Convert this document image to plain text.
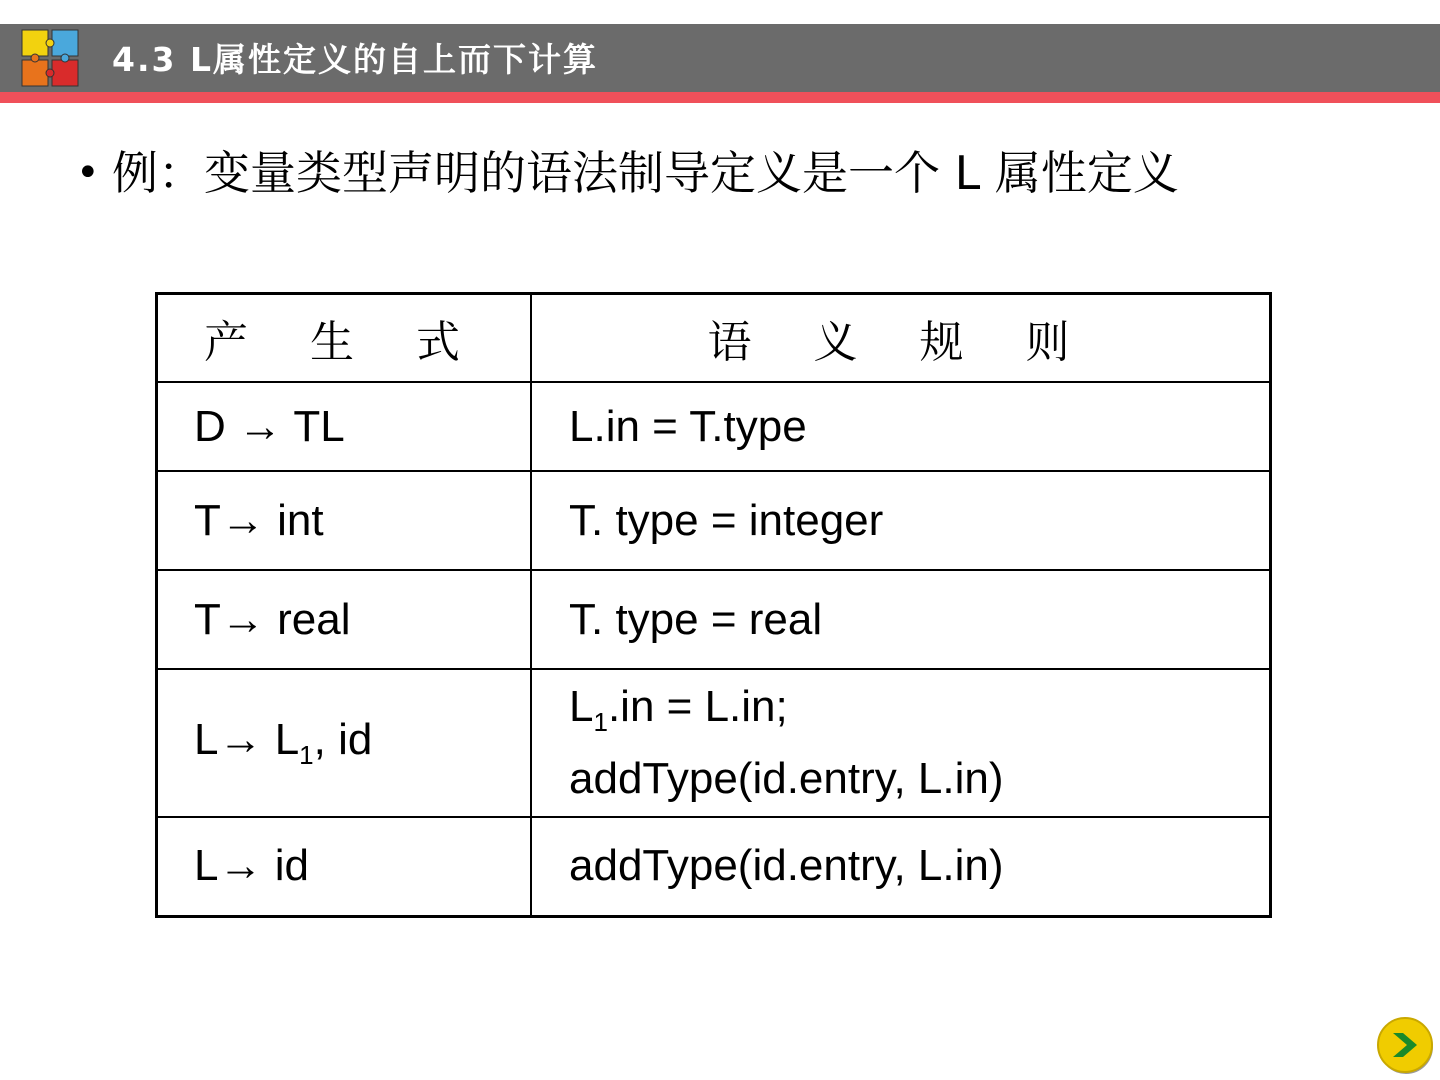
4.3 L属性定义的自上而下计算
• 例：变量类型声明的语法制导定义是一个 L 属性定义
产 生 式	语 义 规 则
D → TL	L.in = T.type
T→ int	T. type = integer
T→ real	T. type = real
$L\to L_1$, id	$L_1.in = L.in$;
addType(id.entry, L.in)

L→ id	addType(id.entry, L.in)
